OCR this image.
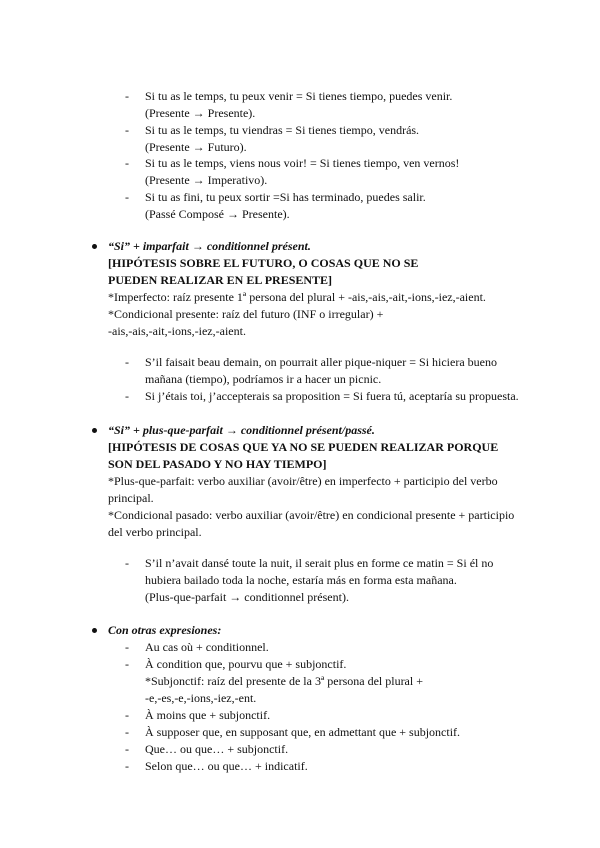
-	Si tu as le temps, tu peux venir = Si tienes tiempo, puedes venir.
(Presente → Presente).
-	Si tu as le temps, tu viendras = Si tienes tiempo, vendrás.
(Presente → Futuro).
-	Si tu as le temps, viens nous voir! = Si tienes tiempo, ven vernos!
(Presente → Imperativo).
-	Si tu as fini, tu peux sortir =Si has terminado, puedes salir.
(Passé Composé → Presente).
“Si” + imparfait → conditionnel présent.
[HIPÓTESIS SOBRE EL FUTURO, O COSAS QUE NO SE
PUEDEN REALIZAR EN EL PRESENTE]
*Imperfecto: raíz presente 1ª persona del plural + -ais,-ais,-ait,-ions,-iez,-aient.
*Condicional presente: raíz del futuro (INF o irregular) +
-ais,-ais,-ait,-ions,-iez,-aient.
-	S’il faisait beau demain, on pourrait aller pique-niquer = Si hiciera bueno
mañana (tiempo), podríamos ir a hacer un picnic.
-	Si j’étais toi, j’accepterais sa proposition = Si fuera tú, aceptaría su propuesta.
“Si” + plus-que-parfait → conditionnel présent/passé.
[HIPÓTESIS DE COSAS QUE YA NO SE PUEDEN REALIZAR PORQUE
SON DEL PASADO Y NO HAY TIEMPO]
*Plus-que-parfait: verbo auxiliar (avoir/être) en imperfecto + participio del verbo
principal.
*Condicional pasado: verbo auxiliar (avoir/être) en condicional presente + participio
del verbo principal.
-	S’il n’avait dansé toute la nuit, il serait plus en forme ce matin = Si él no
hubiera bailado toda la noche, estaría más en forma esta mañana.
(Plus-que-parfait → conditionnel présent).
Con otras expresiones:
-	Au cas où + conditionnel.
-	À condition que, pourvu que + subjonctif.
*Subjonctif: raíz del presente de la 3ª persona del plural +
-e,-es,-e,-ions,-iez,-ent.
-	À moins que + subjonctif.
-	À supposer que, en supposant que, en admettant que + subjonctif.
-	Que… ou que… + subjonctif.
-	Selon que… ou que… + indicatif.
